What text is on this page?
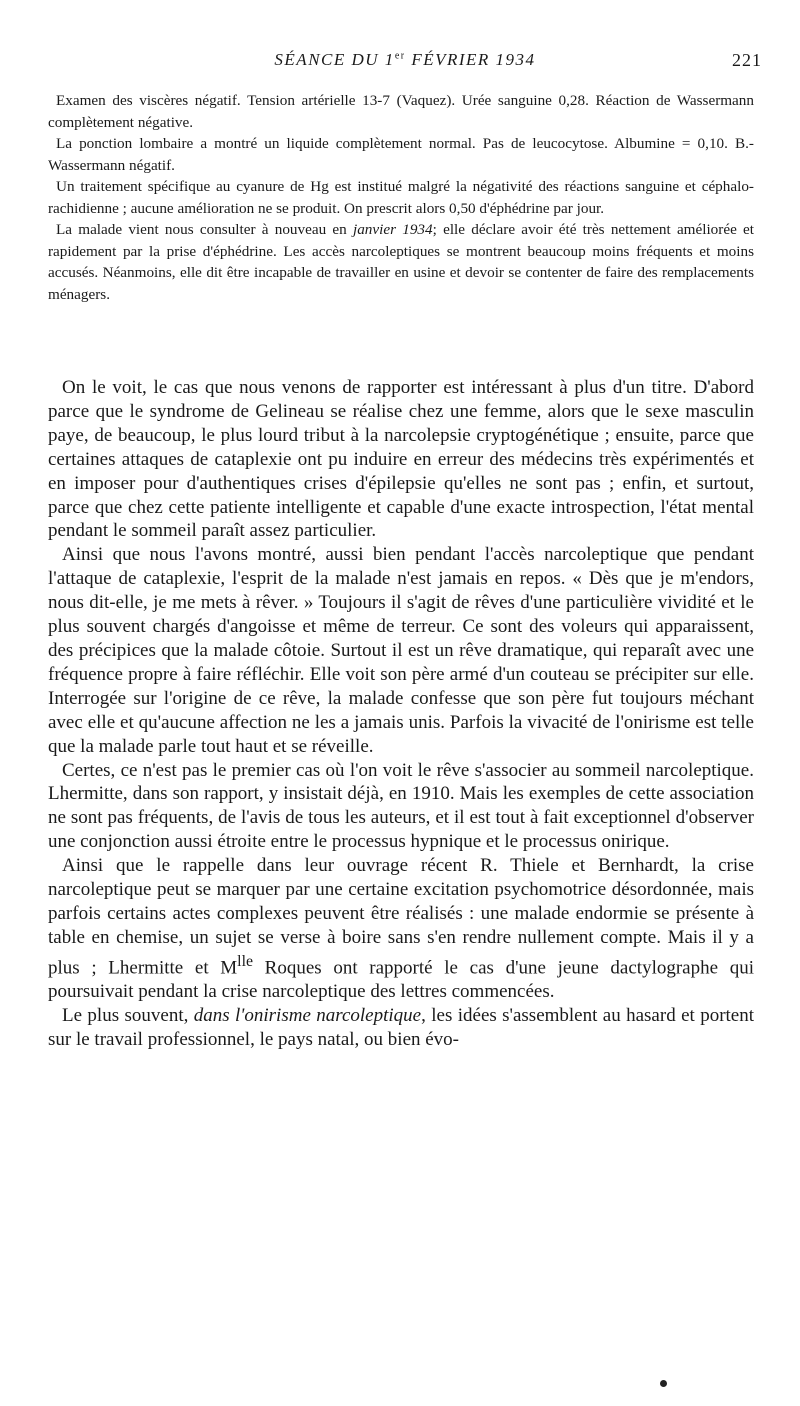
SÉANCE DU 1er FÉVRIER 1934	221

Examen des viscères négatif. Tension artérielle 13-7 (Vaquez). Urée sanguine 0,28. Réaction de Wassermann complètement négative.

La ponction lombaire a montré un liquide complètement normal. Pas de leucocytose. Albumine = 0,10. B.-Wassermann négatif.

Un traitement spécifique au cyanure de Hg est institué malgré la négativité des réactions sanguine et céphalo-rachidienne ; aucune amélioration ne se produit. On prescrit alors 0,50 d'éphédrine par jour.

La malade vient nous consulter à nouveau en janvier 1934; elle déclare avoir été très nettement améliorée et rapidement par la prise d'éphédrine. Les accès narcoleptiques se montrent beaucoup moins fréquents et moins accusés. Néanmoins, elle dit être incapable de travailler en usine et devoir se contenter de faire des remplacements ménagers.

On le voit, le cas que nous venons de rapporter est intéressant à plus d'un titre. D'abord parce que le syndrome de Gelineau se réalise chez une femme, alors que le sexe masculin paye, de beaucoup, le plus lourd tribut à la narcolepsie cryptogénétique ; ensuite, parce que certaines attaques de cataplexie ont pu induire en erreur des médecins très expérimentés et en imposer pour d'authentiques crises d'épilepsie qu'elles ne sont pas ; enfin, et surtout, parce que chez cette patiente intelligente et capable d'une exacte introspection, l'état mental pendant le sommeil paraît assez particulier.

Ainsi que nous l'avons montré, aussi bien pendant l'accès narcoleptique que pendant l'attaque de cataplexie, l'esprit de la malade n'est jamais en repos. « Dès que je m'endors, nous dit-elle, je me mets à rêver. » Toujours il s'agit de rêves d'une particulière vividité et le plus souvent chargés d'angoisse et même de terreur. Ce sont des voleurs qui apparaissent, des précipices que la malade côtoie. Surtout il est un rêve dramatique, qui reparaît avec une fréquence propre à faire réfléchir. Elle voit son père armé d'un couteau se précipiter sur elle. Interrogée sur l'origine de ce rêve, la malade confesse que son père fut toujours méchant avec elle et qu'aucune affection ne les a jamais unis. Parfois la vivacité de l'onirisme est telle que la malade parle tout haut et se réveille.

Certes, ce n'est pas le premier cas où l'on voit le rêve s'associer au sommeil narcoleptique. Lhermitte, dans son rapport, y insistait déjà, en 1910. Mais les exemples de cette association ne sont pas fréquents, de l'avis de tous les auteurs, et il est tout à fait exceptionnel d'observer une conjonction aussi étroite entre le processus hypnique et le processus onirique.

Ainsi que le rappelle dans leur ouvrage récent R. Thiele et Bernhardt, la crise narcoleptique peut se marquer par une certaine excitation psychomotrice désordonnée, mais parfois certains actes complexes peuvent être réalisés : une malade endormie se présente à table en chemise, un sujet se verse à boire sans s'en rendre nullement compte. Mais il y a plus ; Lhermitte et $M^{lle}$ Roques ont rapporté le cas d'une jeune dactylographe qui poursuivait pendant la crise narcoleptique des lettres commencées.

Le plus souvent, dans l'onirisme narcoleptique, les idées s'assemblent au hasard et portent sur le travail professionnel, le pays natal, ou bien évo-
